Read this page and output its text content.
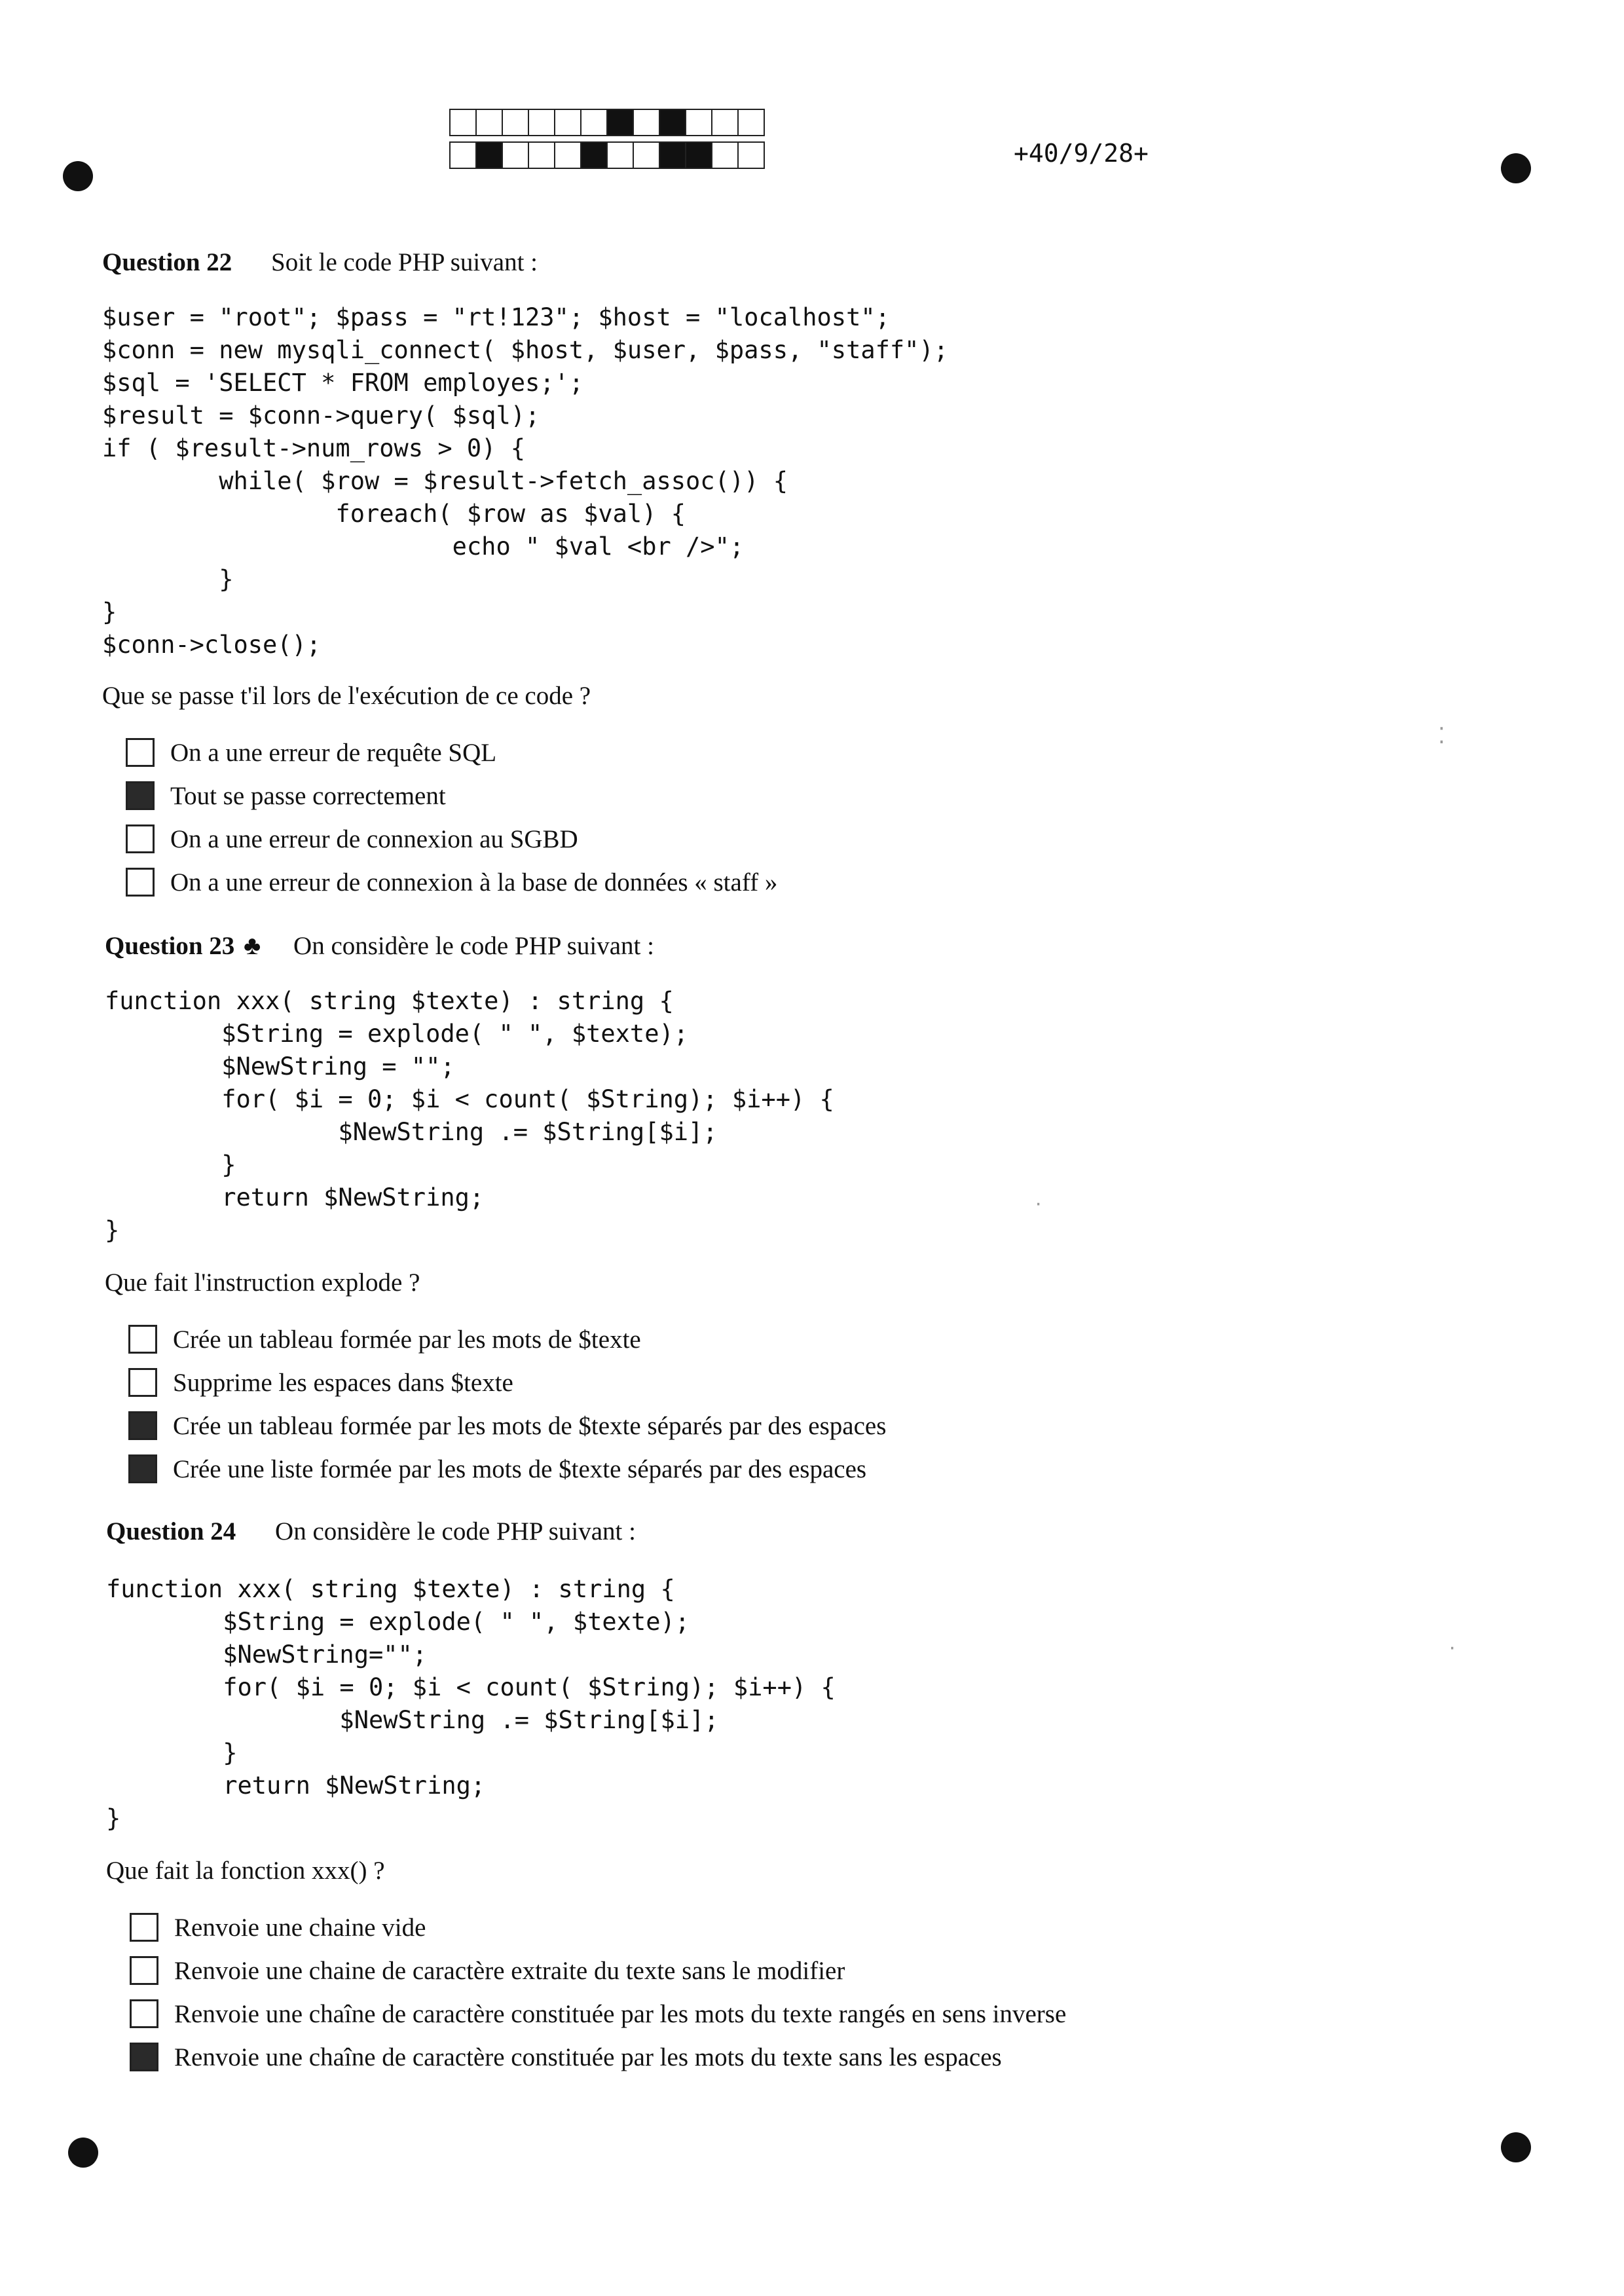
+40/9/28+
Question 22 Soit le code PHP suivant :
$user = "root"; $pass = "rt!123"; $host = "localhost";
$conn = new mysqli_connect( $host, $user, $pass, "staff");
$sql = 'SELECT * FROM employes;';
$result = $conn->query( $sql);
if ( $result->num_rows > 0) {
while( $row = $result->fetch_assoc()) {
foreach( $row as $val) {
echo " $val <br />";
}
}
$conn->close();
Que se passe t'il lors de l'exécution de ce code ?
On a une erreur de requête SQL
Tout se passe correctement
On a une erreur de connexion au SGBD
On a une erreur de connexion à la base de données « staff »
Question 23 ♣ On considère le code PHP suivant :
function xxx( string $texte) : string {
$String = explode( " ", $texte);
$NewString = "";
for( $i = 0; $i < count( $String); $i++) {
$NewString .= $String[$i];
}
return $NewString;
}
Que fait l'instruction explode ?
Crée un tableau formée par les mots de $texte
Supprime les espaces dans $texte
Crée un tableau formée par les mots de $texte séparés par des espaces
Crée une liste formée par les mots de $texte séparés par des espaces
Question 24 On considère le code PHP suivant :
function xxx( string $texte) : string {
$String = explode( " ", $texte);
$NewString="";
for( $i = 0; $i < count( $String); $i++) {
$NewString .= $String[$i];
}
return $NewString;
}
Que fait la fonction xxx() ?
Renvoie une chaine vide
Renvoie une chaine de caractère extraite du texte sans le modifier
Renvoie une chaîne de caractère constituée par les mots du texte rangés en sens inverse
Renvoie une chaîne de caractère constituée par les mots du texte sans les espaces
⁚
·
·
